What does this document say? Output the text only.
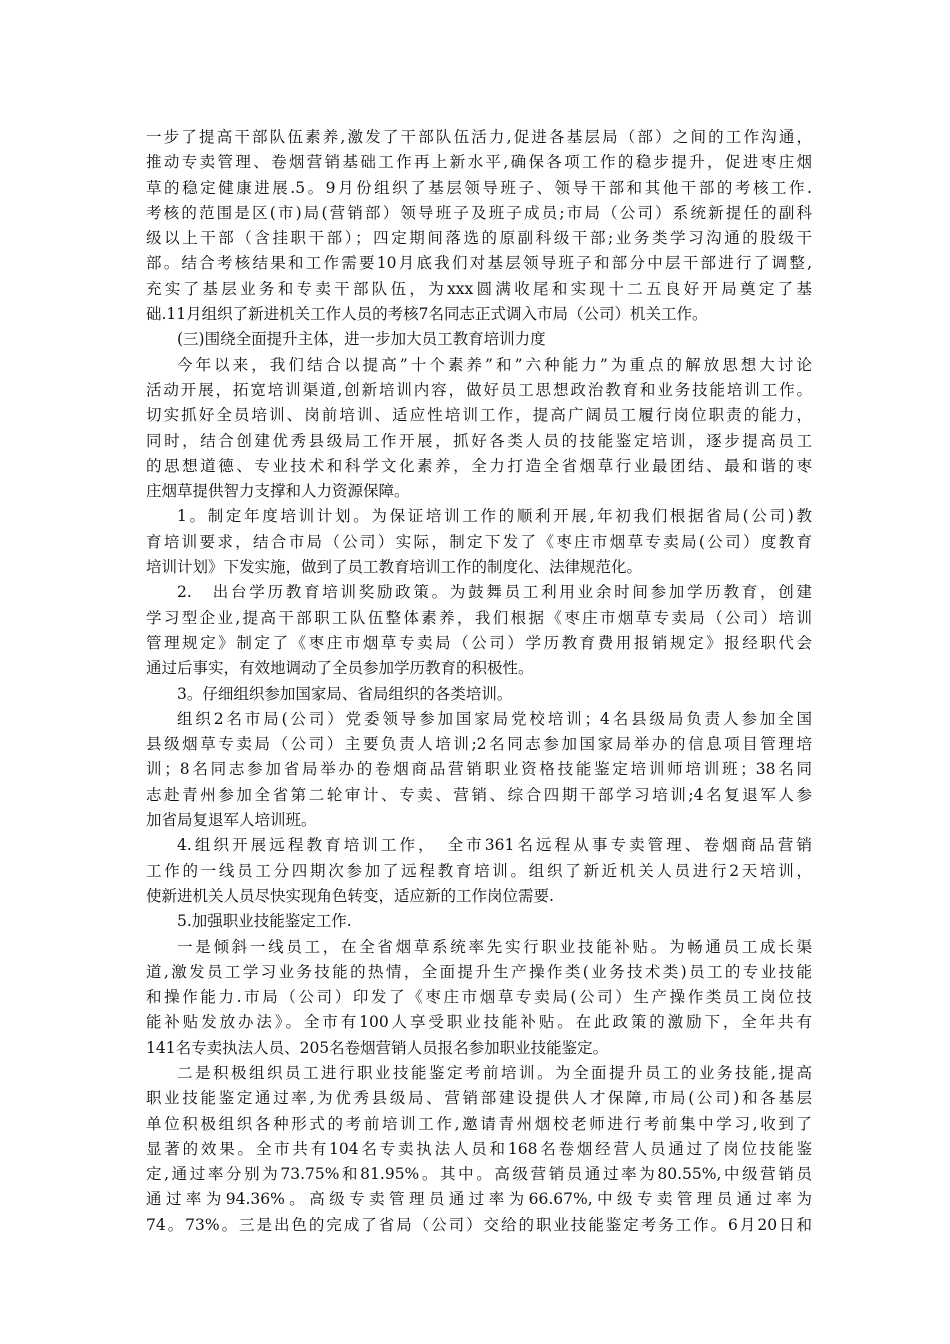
一步了提高干部队伍素养,激发了干部队伍活力,促进各基层局（部）之间的工作沟通，
推动专卖管理、卷烟营销基础工作再上新水平,确保各项工作的稳步提升，促进枣庄烟
草的稳定健康进展.5。9月份组织了基层领导班子、领导干部和其他干部的考核工作.
考核的范围是区(市)局(营销部）领导班子及班子成员;市局（公司）系统新提任的副科
级以上干部（含挂职干部）；四定期间落选的原副科级干部;业务类学习沟通的股级干
部。结合考核结果和工作需要10月底我们对基层领导班子和部分中层干部进行了调整,
充实了基层业务和专卖干部队伍，为xxx圆满收尾和实现十二五良好开局奠定了基
础.11月组织了新进机关工作人员的考核7名同志正式调入市局（公司）机关工作。
(三)围绕全面提升主体，进一步加大员工教育培训力度
今年以来，我们结合以提高”十个素养”和”六种能力”为重点的解放思想大讨论
活动开展，拓宽培训渠道,创新培训内容，做好员工思想政治教育和业务技能培训工作。
切实抓好全员培训、岗前培训、适应性培训工作，提高广阔员工履行岗位职责的能力，
同时，结合创建优秀县级局工作开展，抓好各类人员的技能鉴定培训，逐步提高员工
的思想道德、专业技术和科学文化素养，全力打造全省烟草行业最团结、最和谐的枣
庄烟草提供智力支撑和人力资源保障。
1。制定年度培训计划。为保证培训工作的顺利开展,年初我们根据省局(公司)教
育培训要求，结合市局（公司）实际，制定下发了《枣庄市烟草专卖局(公司）度教育
培训计划》下发实施，做到了员工教育培训工作的制度化、法律规范化。
2.　出台学历教育培训奖励政策。为鼓舞员工利用业余时间参加学历教育，创建
学习型企业,提高干部职工队伍整体素养，我们根据《枣庄市烟草专卖局（公司）培训
管理规定》制定了《枣庄市烟草专卖局（公司）学历教育费用报销规定》报经职代会
通过后事实，有效地调动了全员参加学历教育的积极性。
3。仔细组织参加国家局、省局组织的各类培训。
组织2名市局(公司）党委领导参加国家局党校培训；4名县级局负责人参加全国
县级烟草专卖局（公司）主要负责人培训;2名同志参加国家局举办的信息项目管理培
训；8名同志参加省局举办的卷烟商品营销职业资格技能鉴定培训师培训班；38名同
志赴青州参加全省第二轮审计、专卖、营销、综合四期干部学习培训;4名复退军人参
加省局复退军人培训班。
4.组织开展远程教育培训工作，　全市361名远程从事专卖管理、卷烟商品营销
工作的一线员工分四期次参加了远程教育培训。组织了新近机关人员进行2天培训，
使新进机关人员尽快实现角色转变，适应新的工作岗位需要.
5.加强职业技能鉴定工作.
一是倾斜一线员工，在全省烟草系统率先实行职业技能补贴。为畅通员工成长渠
道,激发员工学习业务技能的热情，全面提升生产操作类(业务技术类)员工的专业技能
和操作能力.市局（公司）印发了《枣庄市烟草专卖局(公司）生产操作类员工岗位技
能补贴发放办法》。全市有100人享受职业技能补贴。在此政策的激励下，全年共有
141名专卖执法人员、205名卷烟营销人员报名参加职业技能鉴定。
二是积极组织员工进行职业技能鉴定考前培训。为全面提升员工的业务技能,提高
职业技能鉴定通过率,为优秀县级局、营销部建设提供人才保障,市局(公司)和各基层
单位积极组织各种形式的考前培训工作,邀请青州烟校老师进行考前集中学习,收到了
显著的效果。全市共有104名专卖执法人员和168名卷烟经营人员通过了岗位技能鉴
定,通过率分别为73.75%和81.95%。其中。高级营销员通过率为80.55%,中级营销员
通过率为94.36%。高级专卖管理员通过率为66.67%,中级专卖管理员通过率为
74。73%。三是出色的完成了省局（公司）交给的职业技能鉴定考务工作。6月20日和
